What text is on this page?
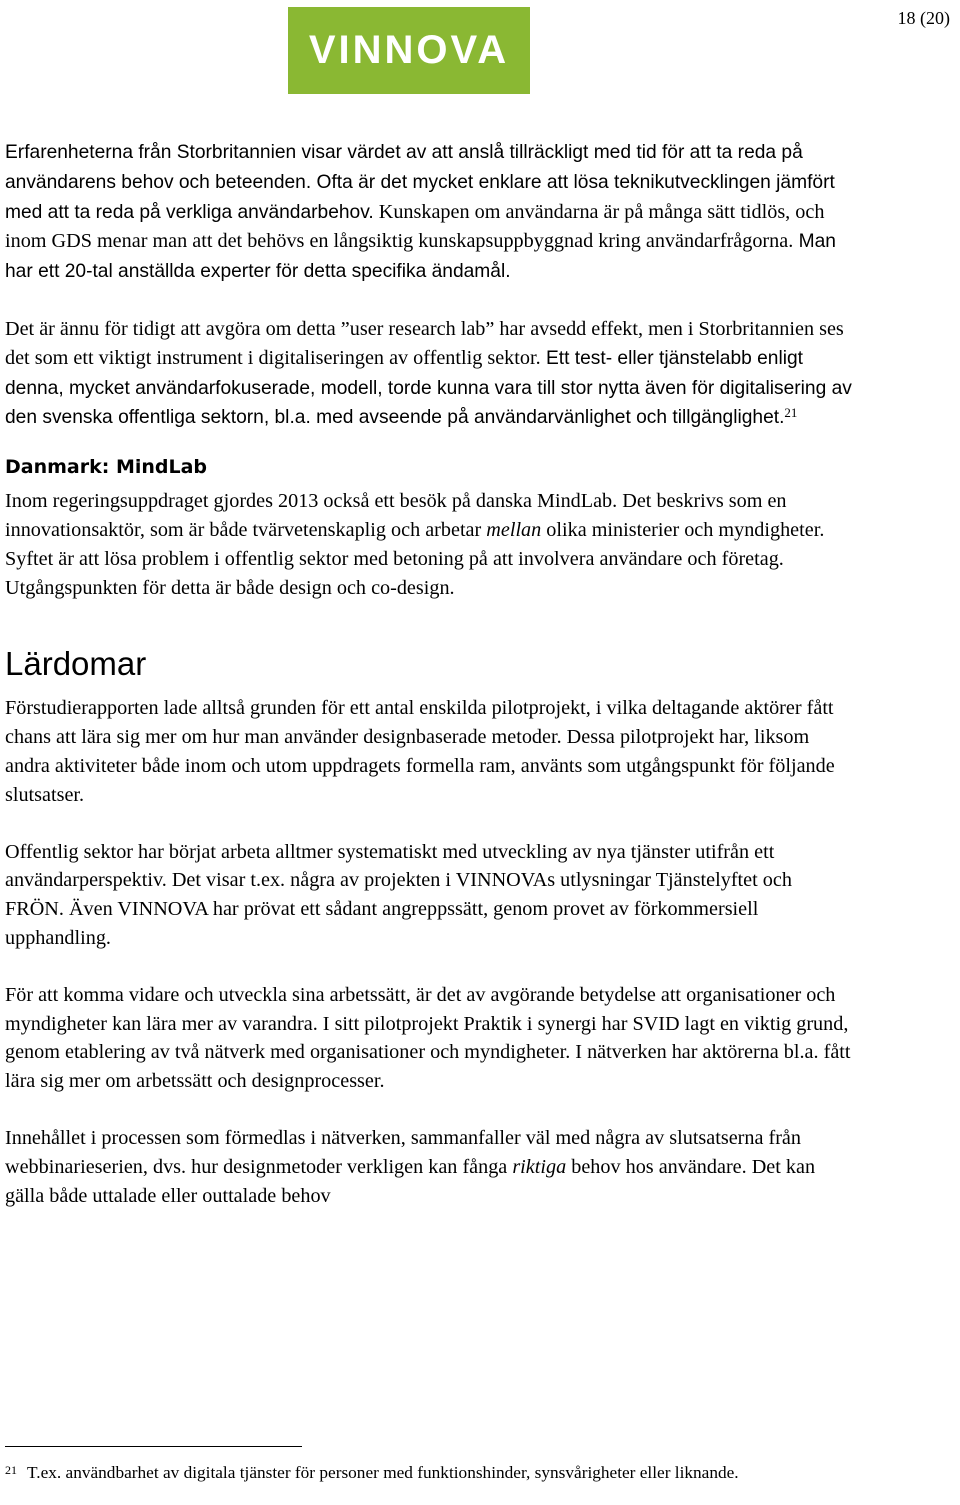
18 (20)
VINNOVA

Erfarenheterna från Storbritannien visar värdet av att anslå tillräckligt med tid för att ta reda på användarens behov och beteenden. Ofta är det mycket enklare att lösa teknikutvecklingen jämfört med att ta reda på verkliga användarbehov. Kunskapen om användarna är på många sätt tidlös, och inom GDS menar man att det behövs en långsiktig kunskapsuppbyggnad kring användarfrågorna. Man har ett 20-tal anställda experter för detta specifika ändamål.

Det är ännu för tidigt att avgöra om detta ”user research lab” har avsedd effekt, men i Storbritannien ses det som ett viktigt instrument i digitaliseringen av offentlig sektor. Ett test- eller tjänstelabb enligt denna, mycket användarfokuserade, modell, torde kunna vara till stor nytta även för digitalisering av den svenska offentliga sektorn, bl.a. med avseende på användarvänlighet och tillgänglighet.$^{21}$

Danmark: MindLab

Inom regeringsuppdraget gjordes 2013 också ett besök på danska MindLab. Det beskrivs som en innovationsaktör, som är både tvärvetenskaplig och arbetar mellan olika ministerier och myndigheter. Syftet är att lösa problem i offentlig sektor med betoning på att involvera användare och företag. Utgångspunkten för detta är både design och co-design.

Lärdomar

Förstudierapporten lade alltså grunden för ett antal enskilda pilotprojekt, i vilka deltagande aktörer fått chans att lära sig mer om hur man använder designbaserade metoder. Dessa pilotprojekt har, liksom andra aktiviteter både inom och utom uppdragets formella ram, använts som utgångspunkt för följande slutsatser.

Offentlig sektor har börjat arbeta alltmer systematiskt med utveckling av nya tjänster utifrån ett användarperspektiv. Det visar t.ex. några av projekten i VINNOVAs utlysningar Tjänstelyftet och FRÖN. Även VINNOVA har prövat ett sådant angreppssätt, genom provet av förkommersiell upphandling.

För att komma vidare och utveckla sina arbetssätt, är det av avgörande betydelse att organisationer och myndigheter kan lära mer av varandra. I sitt pilotprojekt Praktik i synergi har SVID lagt en viktig grund, genom etablering av två nätverk med organisationer och myndigheter. I nätverken har aktörerna bl.a. fått lära sig mer om arbetssätt och designprocesser.

Innehållet i processen som förmedlas i nätverken, sammanfaller väl med några av slutsatserna från webbinarieserien, dvs. hur designmetoder verkligen kan fånga riktiga behov hos användare. Det kan gälla både uttalade eller outtalade behov

$^{21}$ T.ex. användbarhet av digitala tjänster för personer med funktionshinder, synsvårigheter eller liknande.
